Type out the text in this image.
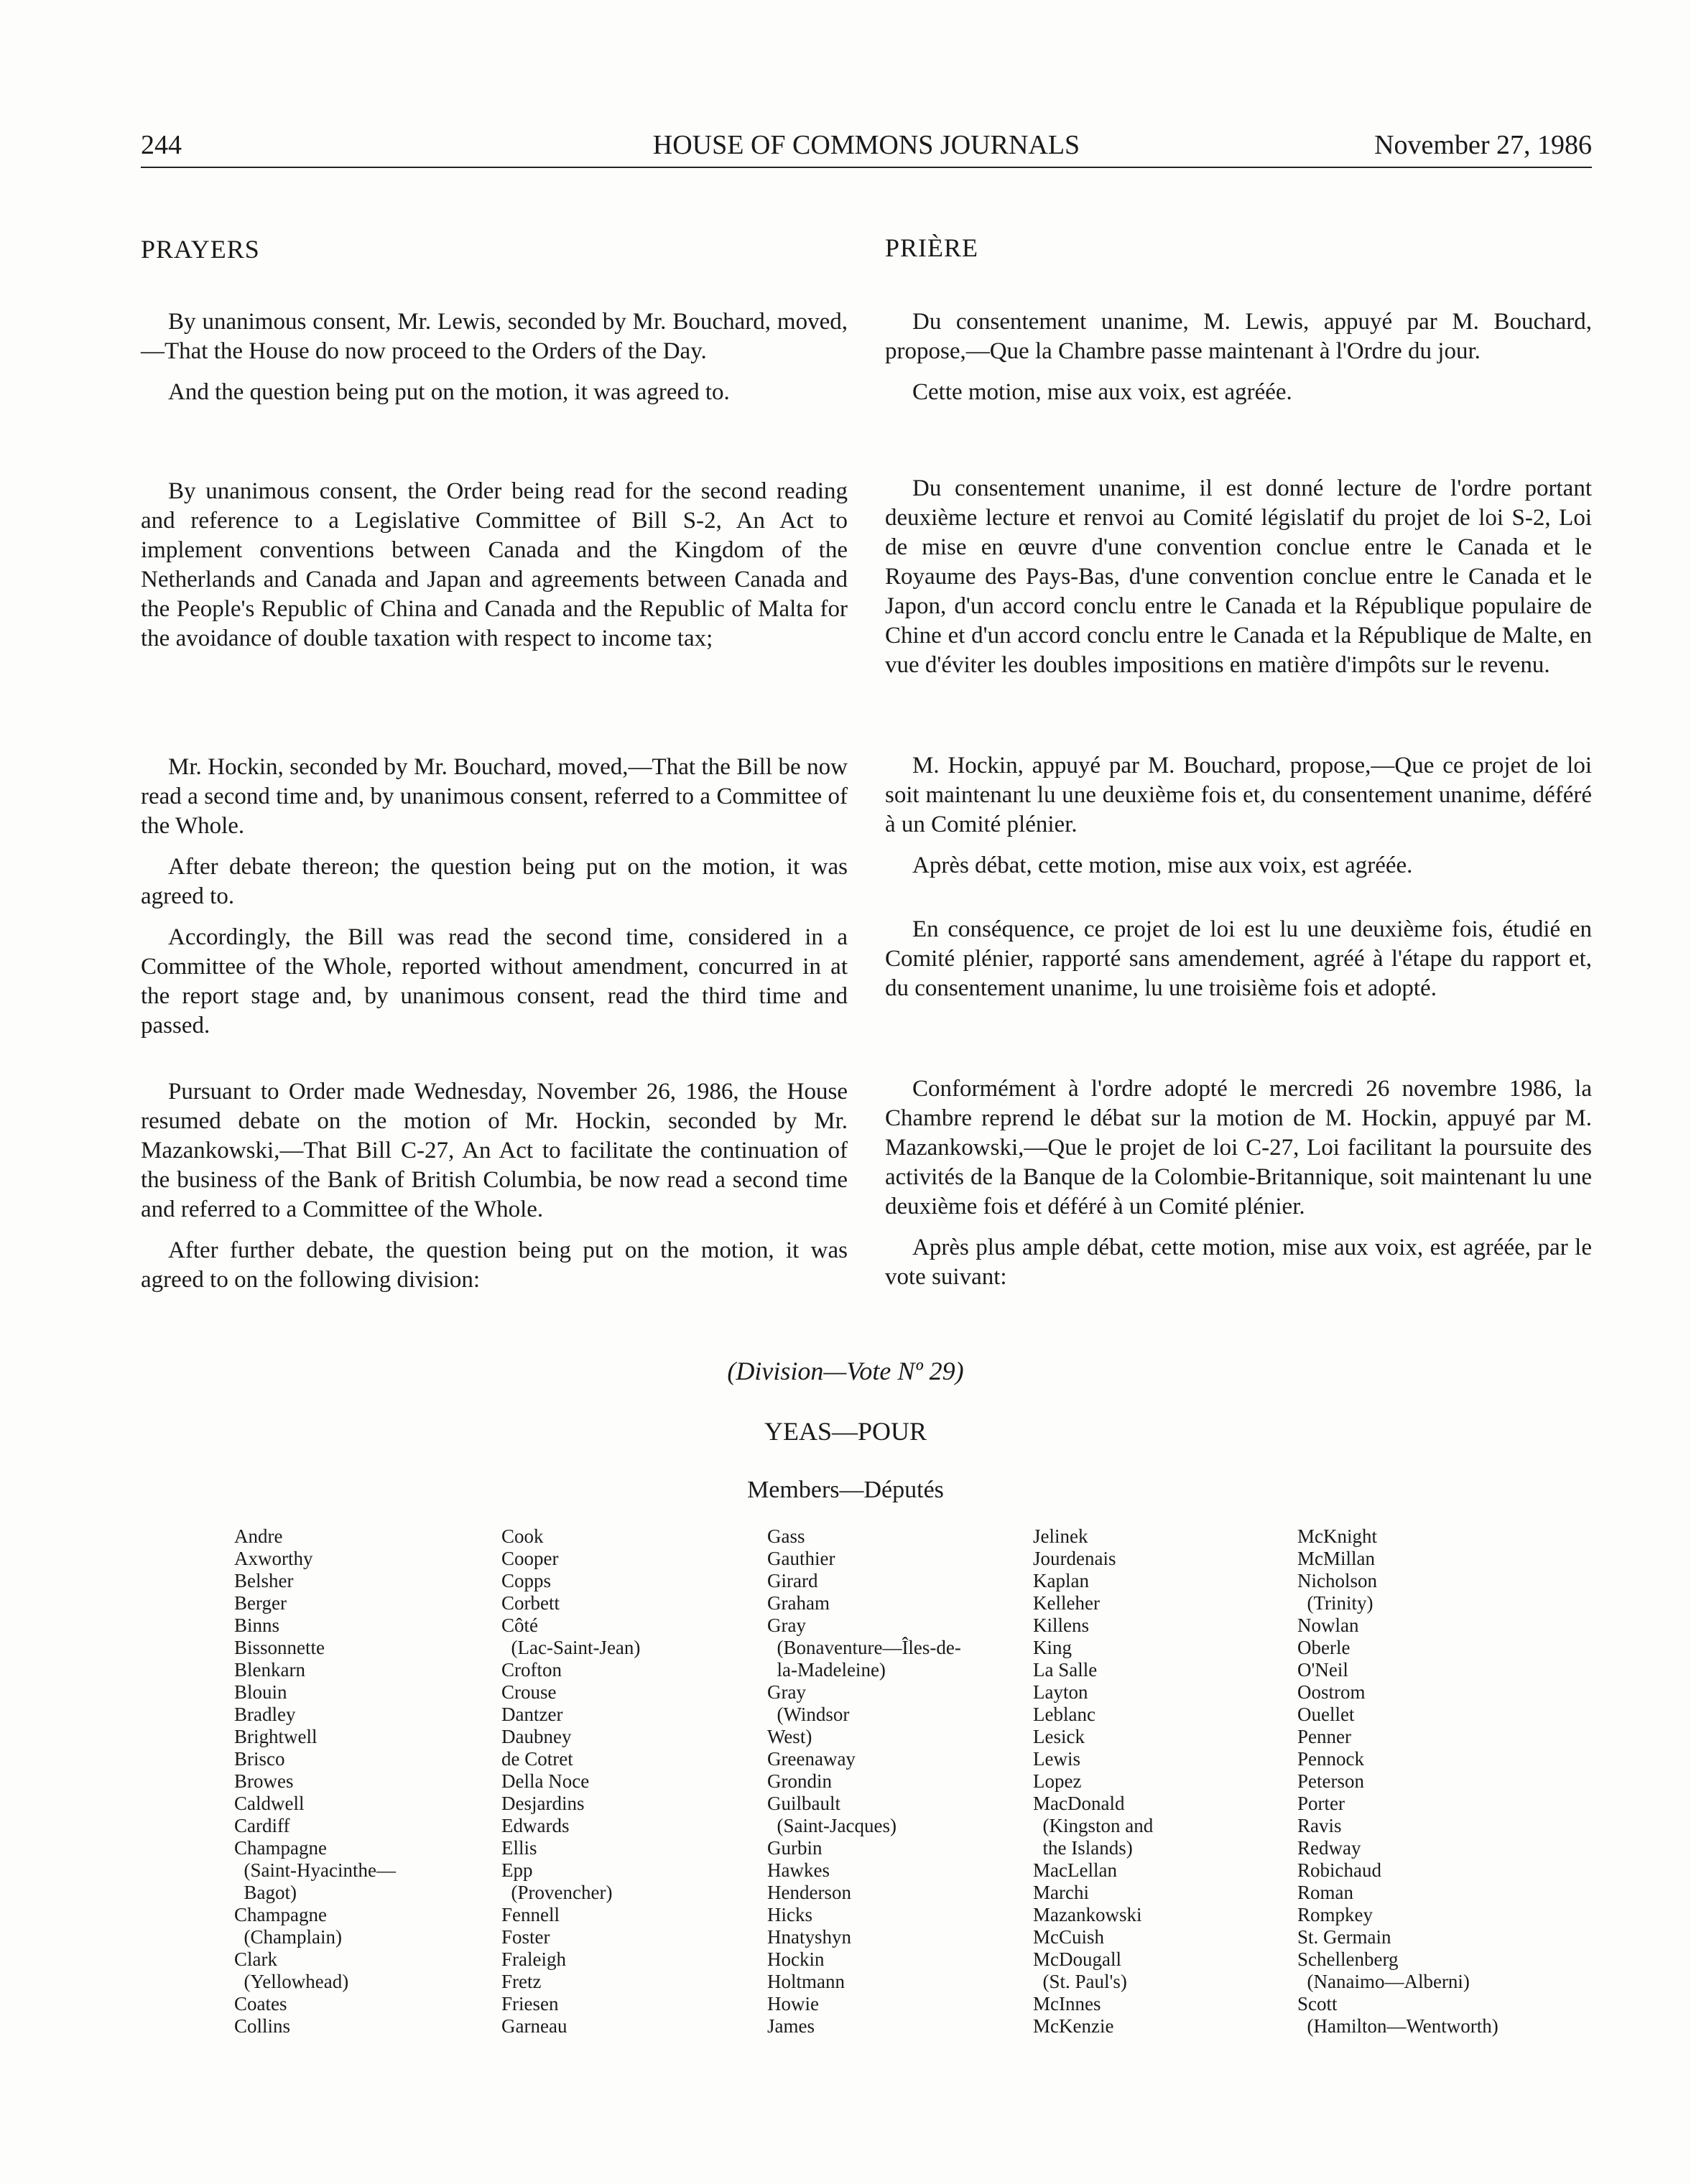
244	HOUSE OF COMMONS JOURNALS	November 27, 1986
PRAYERS	PRIÈRE

By unanimous consent, Mr. Lewis, seconded by Mr. Bouchard, moved,—That the House do now proceed to the Orders of the Day.

And the question being put on the motion, it was agreed to.

By unanimous consent, the Order being read for the second reading and reference to a Legislative Committee of Bill S-2, An Act to implement conventions between Canada and the Kingdom of the Netherlands and Canada and Japan and agreements between Canada and the People's Republic of China and Canada and the Republic of Malta for the avoidance of double taxation with respect to income tax;

Mr. Hockin, seconded by Mr. Bouchard, moved,—That the Bill be now read a second time and, by unanimous consent, referred to a Committee of the Whole.

After debate thereon; the question being put on the motion, it was agreed to.

Accordingly, the Bill was read the second time, considered in a Committee of the Whole, reported without amendment, concurred in at the report stage and, by unanimous consent, read the third time and passed.

Pursuant to Order made Wednesday, November 26, 1986, the House resumed debate on the motion of Mr. Hockin, seconded by Mr. Mazankowski,—That Bill C-27, An Act to facilitate the continuation of the business of the Bank of British Columbia, be now read a second time and referred to a Committee of the Whole.

After further debate, the question being put on the motion, it was agreed to on the following division:

Du consentement unanime, M. Lewis, appuyé par M. Bouchard, propose,—Que la Chambre passe maintenant à l'Ordre du jour.

Cette motion, mise aux voix, est agréée.

Du consentement unanime, il est donné lecture de l'ordre portant deuxième lecture et renvoi au Comité législatif du projet de loi S-2, Loi de mise en œuvre d'une convention conclue entre le Canada et le Royaume des Pays-Bas, d'une convention conclue entre le Canada et le Japon, d'un accord conclu entre le Canada et la République populaire de Chine et d'un accord conclu entre le Canada et la République de Malte, en vue d'éviter les doubles impositions en matière d'impôts sur le revenu.

M. Hockin, appuyé par M. Bouchard, propose,—Que ce projet de loi soit maintenant lu une deuxième fois et, du consentement unanime, déféré à un Comité plénier.

Après débat, cette motion, mise aux voix, est agréée.

En conséquence, ce projet de loi est lu une deuxième fois, étudié en Comité plénier, rapporté sans amendement, agréé à l'étape du rapport et, du consentement unanime, lu une troisième fois et adopté.

Conformément à l'ordre adopté le mercredi 26 novembre 1986, la Chambre reprend le débat sur la motion de M. Hockin, appuyé par M. Mazankowski,—Que le projet de loi C-27, Loi facilitant la poursuite des activités de la Banque de la Colombie-Britannique, soit maintenant lu une deuxième fois et déféré à un Comité plénier.

Après plus ample débat, cette motion, mise aux voix, est agréée, par le vote suivant:

(Division—Vote Nº 29)
YEAS—POUR
Members—Députés
Andre
Axworthy
Belsher
Berger
Binns
Bissonnette
Blenkarn
Blouin
Bradley
Brightwell
Brisco
Browes
Caldwell
Cardiff
Champagne
(Saint-Hyacinthe—
Bagot)
Champagne
(Champlain)
Clark
(Yellowhead)
Coates
Collins
Cook
Cooper
Copps
Corbett
Côté
(Lac-Saint-Jean)
Crofton
Crouse
Dantzer
Daubney
de Cotret
Della Noce
Desjardins
Edwards
Ellis
Epp
(Provencher)
Fennell
Foster
Fraleigh
Fretz
Friesen
Garneau
Gass
Gauthier
Girard
Graham
Gray
(Bonaventure—Îles-de-
la-Madeleine)
Gray
(Windsor
West)
Greenaway
Grondin
Guilbault
(Saint-Jacques)
Gurbin
Hawkes
Henderson
Hicks
Hnatyshyn
Hockin
Holtmann
Howie
James
Jelinek
Jourdenais
Kaplan
Kelleher
Killens
King
La Salle
Layton
Leblanc
Lesick
Lewis
Lopez
MacDonald
(Kingston and
the Islands)
MacLellan
Marchi
Mazankowski
McCuish
McDougall
(St. Paul's)
McInnes
McKenzie
McKnight
McMillan
Nicholson
(Trinity)
Nowlan
Oberle
O'Neil
Oostrom
Ouellet
Penner
Pennock
Peterson
Porter
Ravis
Redway
Robichaud
Roman
Rompkey
St. Germain
Schellenberg
(Nanaimo—Alberni)
Scott
(Hamilton—Wentworth)
